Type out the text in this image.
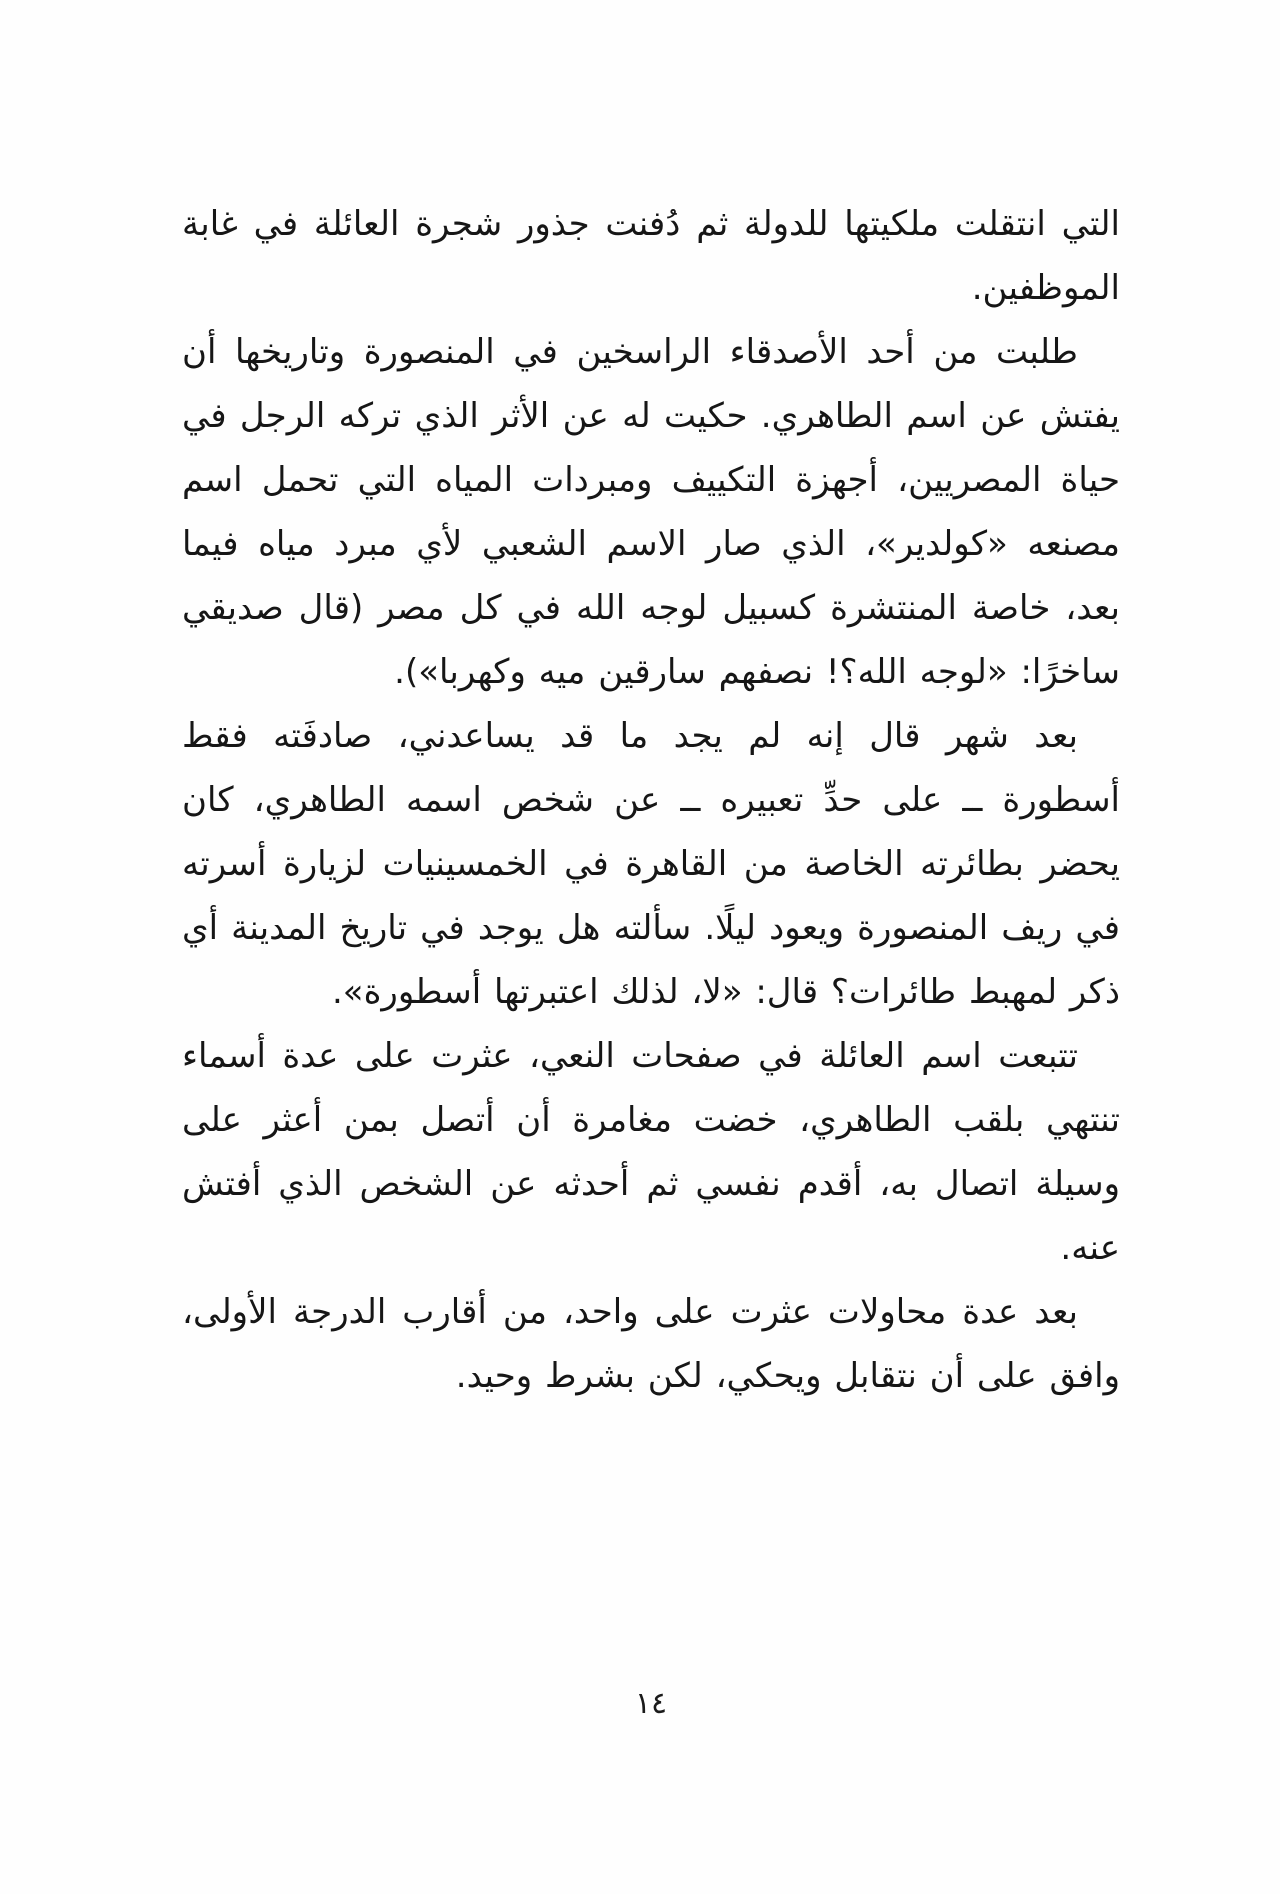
التي انتقلت ملكيتها للدولة ثم دُفنت جذور شجرة العائلة في غابة الموظفين.

طلبت من أحد الأصدقاء الراسخين في المنصورة وتاريخها أن يفتش عن اسم الطاهري. حكيت له عن الأثر الذي تركه الرجل في حياة المصريين، أجهزة التكييف ومبردات المياه التي تحمل اسم مصنعه «كولدير»، الذي صار الاسم الشعبي لأي مبرد مياه فيما بعد، خاصة المنتشرة كسبيل لوجه الله في كل مصر (قال صديقي ساخرًا: «لوجه الله؟! نصفهم سارقين ميه وكهربا»).

بعد شهر قال إنه لم يجد ما قد يساعدني، صادفَته فقط أسطورة ــ على حدِّ تعبيره ــ عن شخص اسمه الطاهري، كان يحضر بطائرته الخاصة من القاهرة في الخمسينيات لزيارة أسرته في ريف المنصورة ويعود ليلًا. سألته هل يوجد في تاريخ المدينة أي ذكر لمهبط طائرات؟ قال: «لا، لذلك اعتبرتها أسطورة».

تتبعت اسم العائلة في صفحات النعي، عثرت على عدة أسماء تنتهي بلقب الطاهري، خضت مغامرة أن أتصل بمن أعثر على وسيلة اتصال به، أقدم نفسي ثم أحدثه عن الشخص الذي أفتش عنه.

بعد عدة محاولات عثرت على واحد، من أقارب الدرجة الأولى، وافق على أن نتقابل ويحكي، لكن بشرط وحيد.

١٤
